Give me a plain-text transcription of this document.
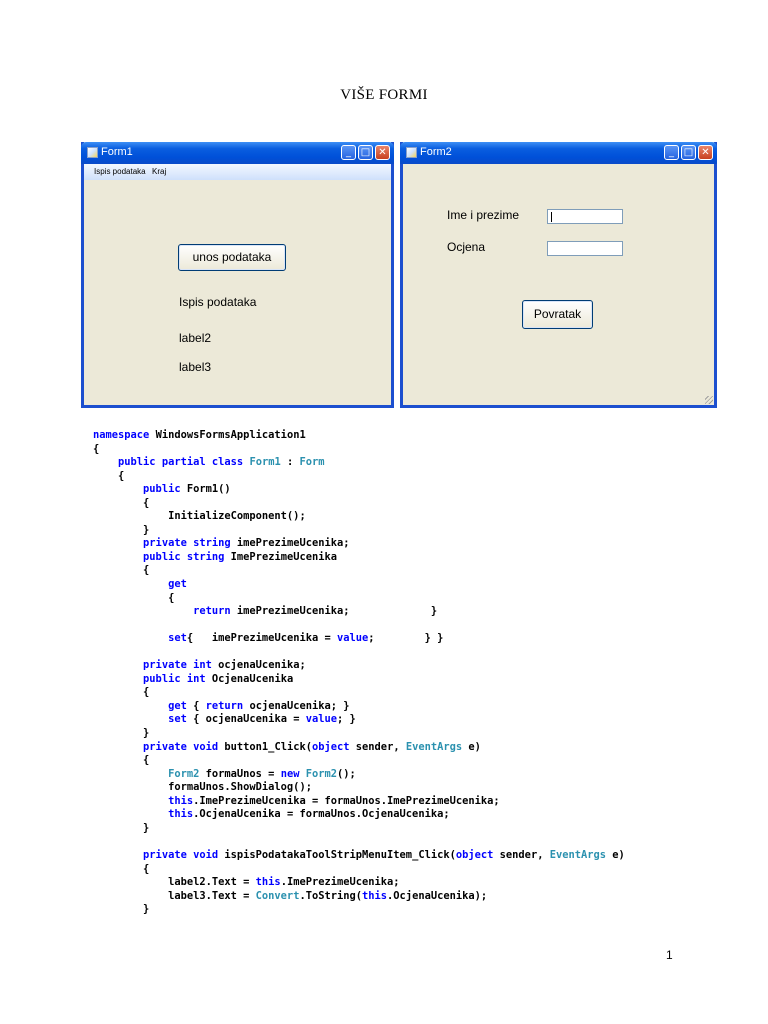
VIŠE FORMI
Form1	_ □ ✕
Ispis podataka Kraj
unos podataka
Ispis podataka
label2
label3
Form2	_ □ ✕
Ime i prezime
Ocjena
Povratak
namespace WindowsFormsApplication1
{
public partial class Form1 : Form
{
public Form1()
{
InitializeComponent();
}
private string imePrezimeUcenika;
public string ImePrezimeUcenika
{
get
{
return imePrezimeUcenika;             }
set{   imePrezimeUcenika = value;        } }
private int ocjenaUcenika;
public int OcjenaUcenika
{
get { return ocjenaUcenika; }
set { ocjenaUcenika = value; }
}
private void button1_Click(object sender, EventArgs e)
{
Form2 formaUnos = new Form2();
formaUnos.ShowDialog();
this.ImePrezimeUcenika = formaUnos.ImePrezimeUcenika;
this.OcjenaUcenika = formaUnos.OcjenaUcenika;
}
private void ispisPodatakaToolStripMenuItem_Click(object sender, EventArgs e)
{
label2.Text = this.ImePrezimeUcenika;
label3.Text = Convert.ToString(this.OcjenaUcenika);
}
1
